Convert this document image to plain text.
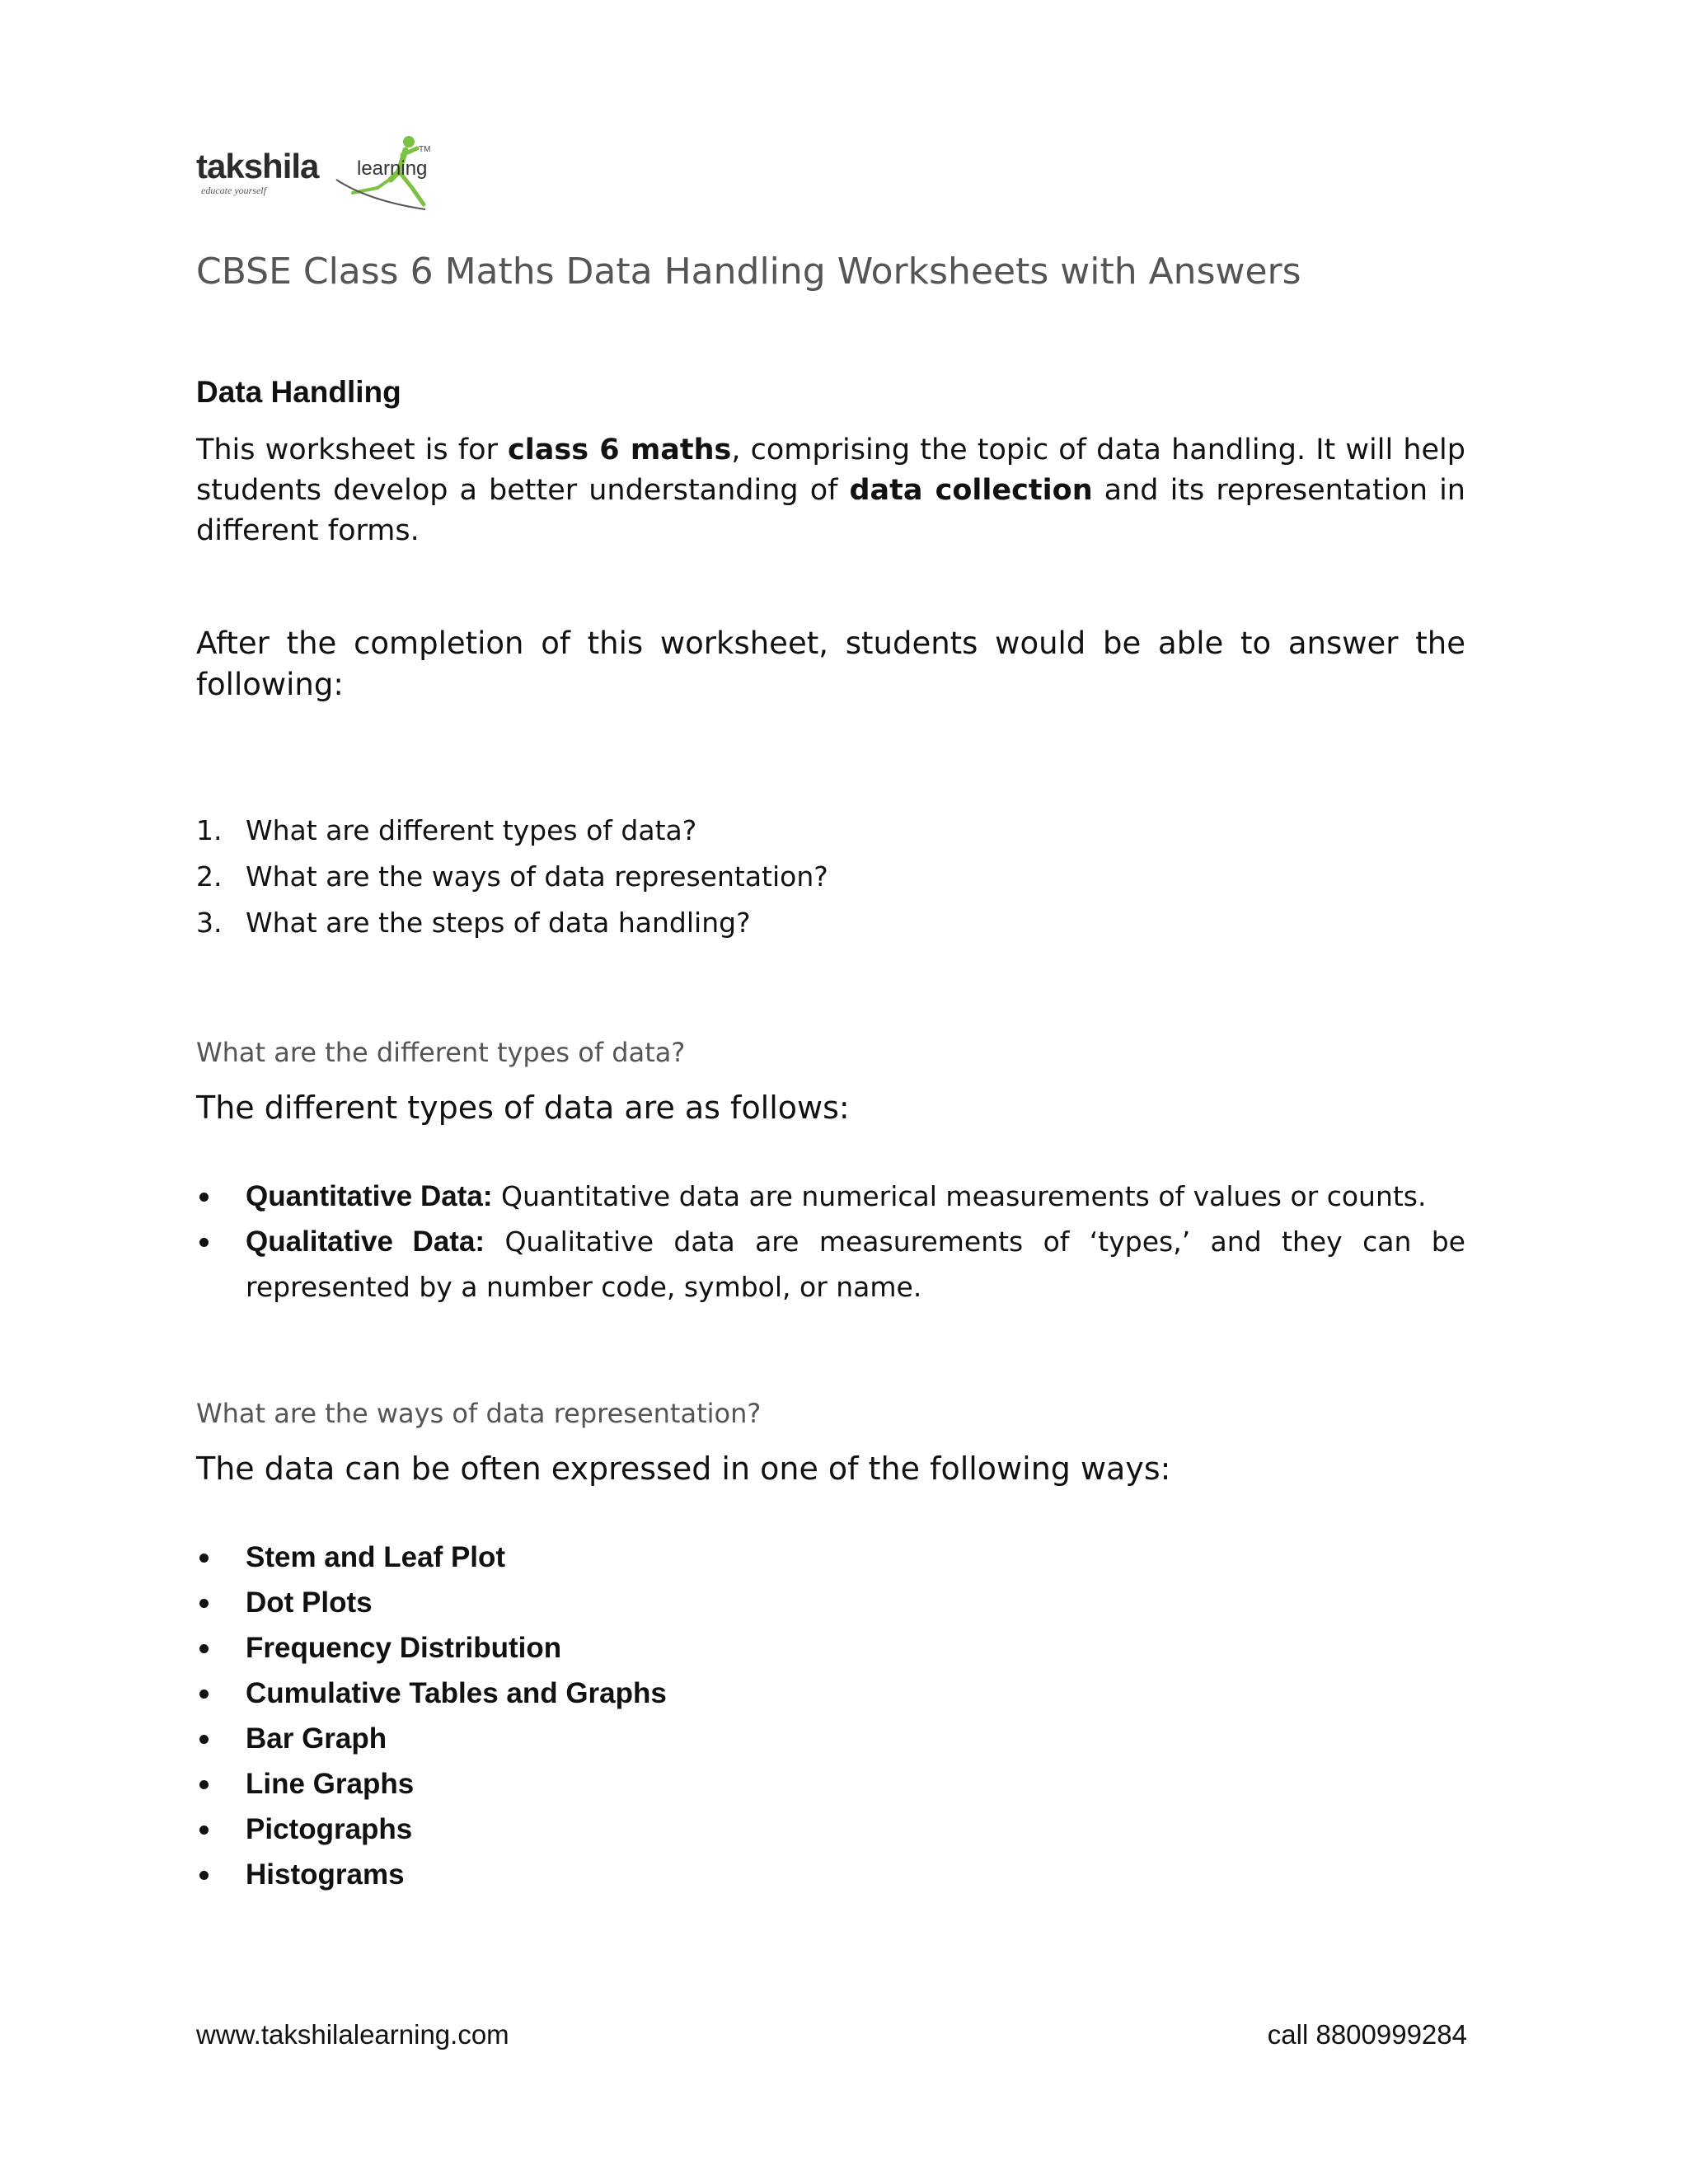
takshila learning
educate yourself
TM
CBSE Class 6 Maths Data Handling Worksheets with Answers
Data Handling
This worksheet is for class 6 maths, comprising the topic of data handling. It will help students develop a better understanding of data collection and its representation in different forms.
After the completion of this worksheet, students would be able to answer the following:
1. What are different types of data?
2. What are the ways of data representation?
3. What are the steps of data handling?
What are the different types of data?
The different types of data are as follows:
Quantitative Data: Quantitative data are numerical measurements of values or counts.
Qualitative Data: Qualitative data are measurements of ‘types,’ and they can be represented by a number code, symbol, or name.
What are the ways of data representation?
The data can be often expressed in one of the following ways:
Stem and Leaf Plot
Dot Plots
Frequency Distribution
Cumulative Tables and Graphs
Bar Graph
Line Graphs
Pictographs
Histograms
www.takshilalearning.com	call 8800999284
